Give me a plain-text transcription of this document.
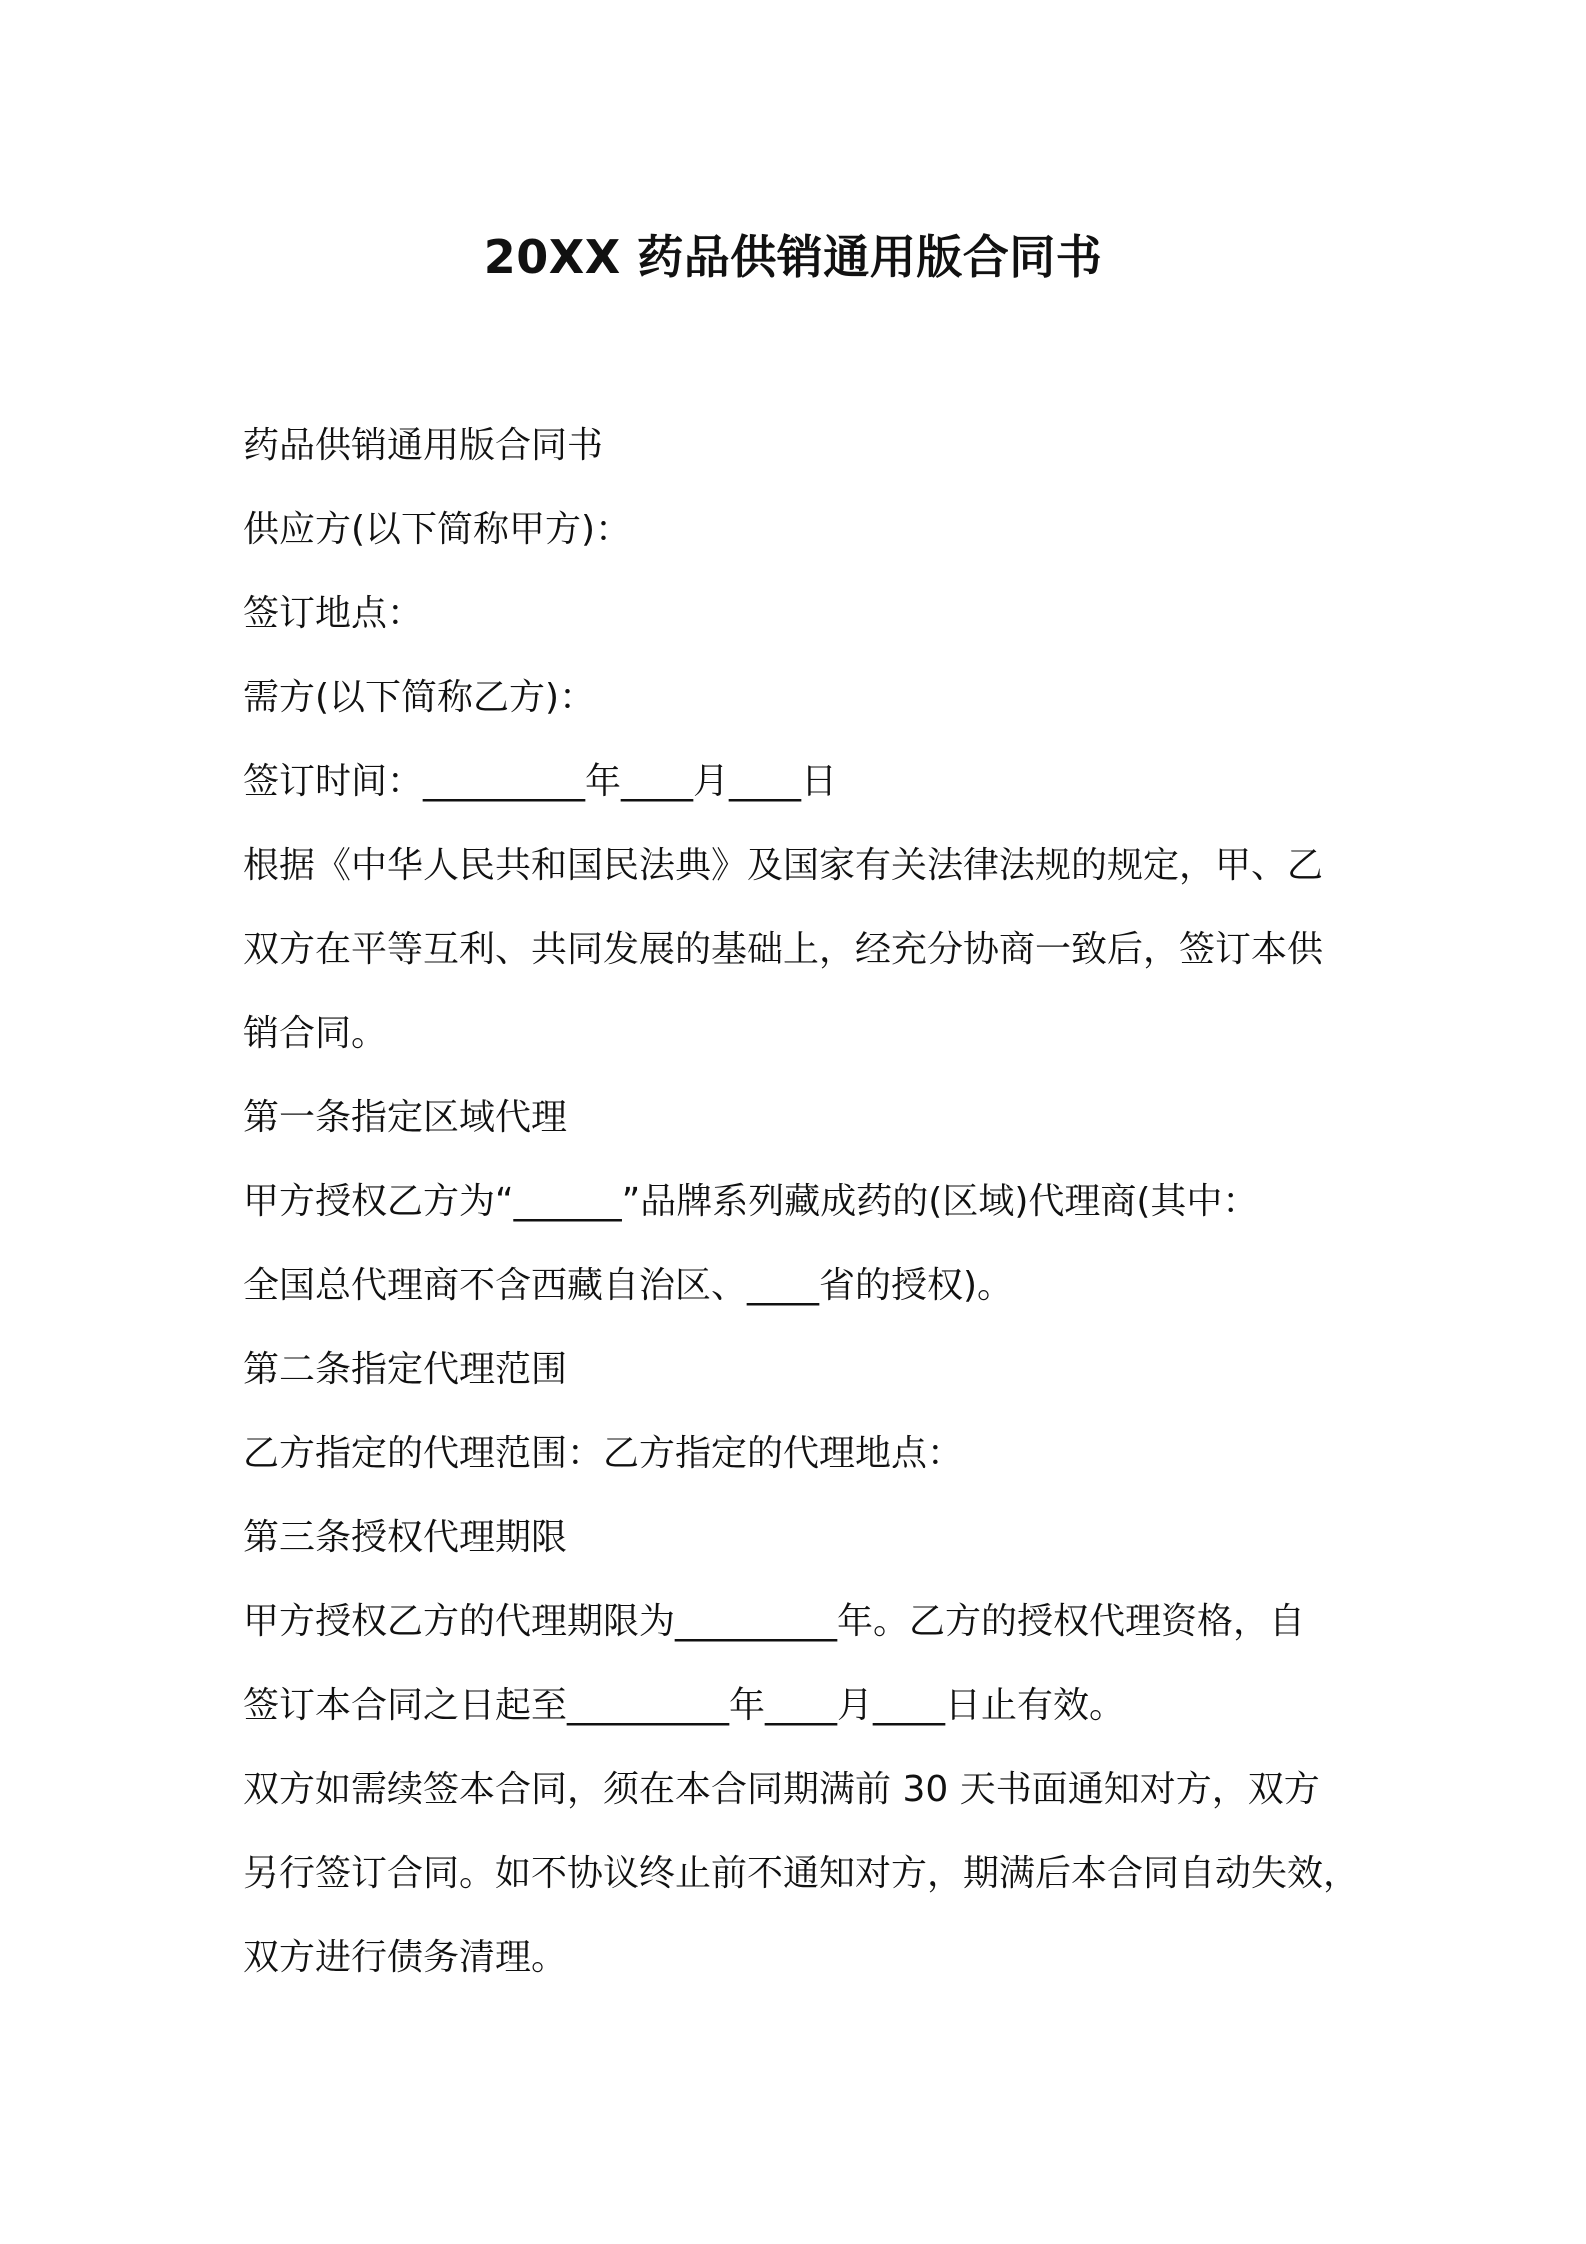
20XX 药品供销通用版合同书

药品供销通用版合同书

供应方(以下简称甲方)：

签订地点：

需方(以下简称乙方)：

签订时间：_________年____月____日

根据《中华人民共和国民法典》及国家有关法律法规的规定，甲、乙

双方在平等互利、共同发展的基础上，经充分协商一致后，签订本供

销合同。

第一条指定区域代理

甲方授权乙方为“______”品牌系列藏成药的(区域)代理商(其中：

全国总代理商不含西藏自治区、____省的授权)。

第二条指定代理范围

乙方指定的代理范围：乙方指定的代理地点：

第三条授权代理期限

甲方授权乙方的代理期限为_________年。乙方的授权代理资格，自

签订本合同之日起至_________年____月____日止有效。

双方如需续签本合同，须在本合同期满前 30 天书面通知对方，双方

另行签订合同。如不协议终止前不通知对方，期满后本合同自动失效，

双方进行债务清理。
